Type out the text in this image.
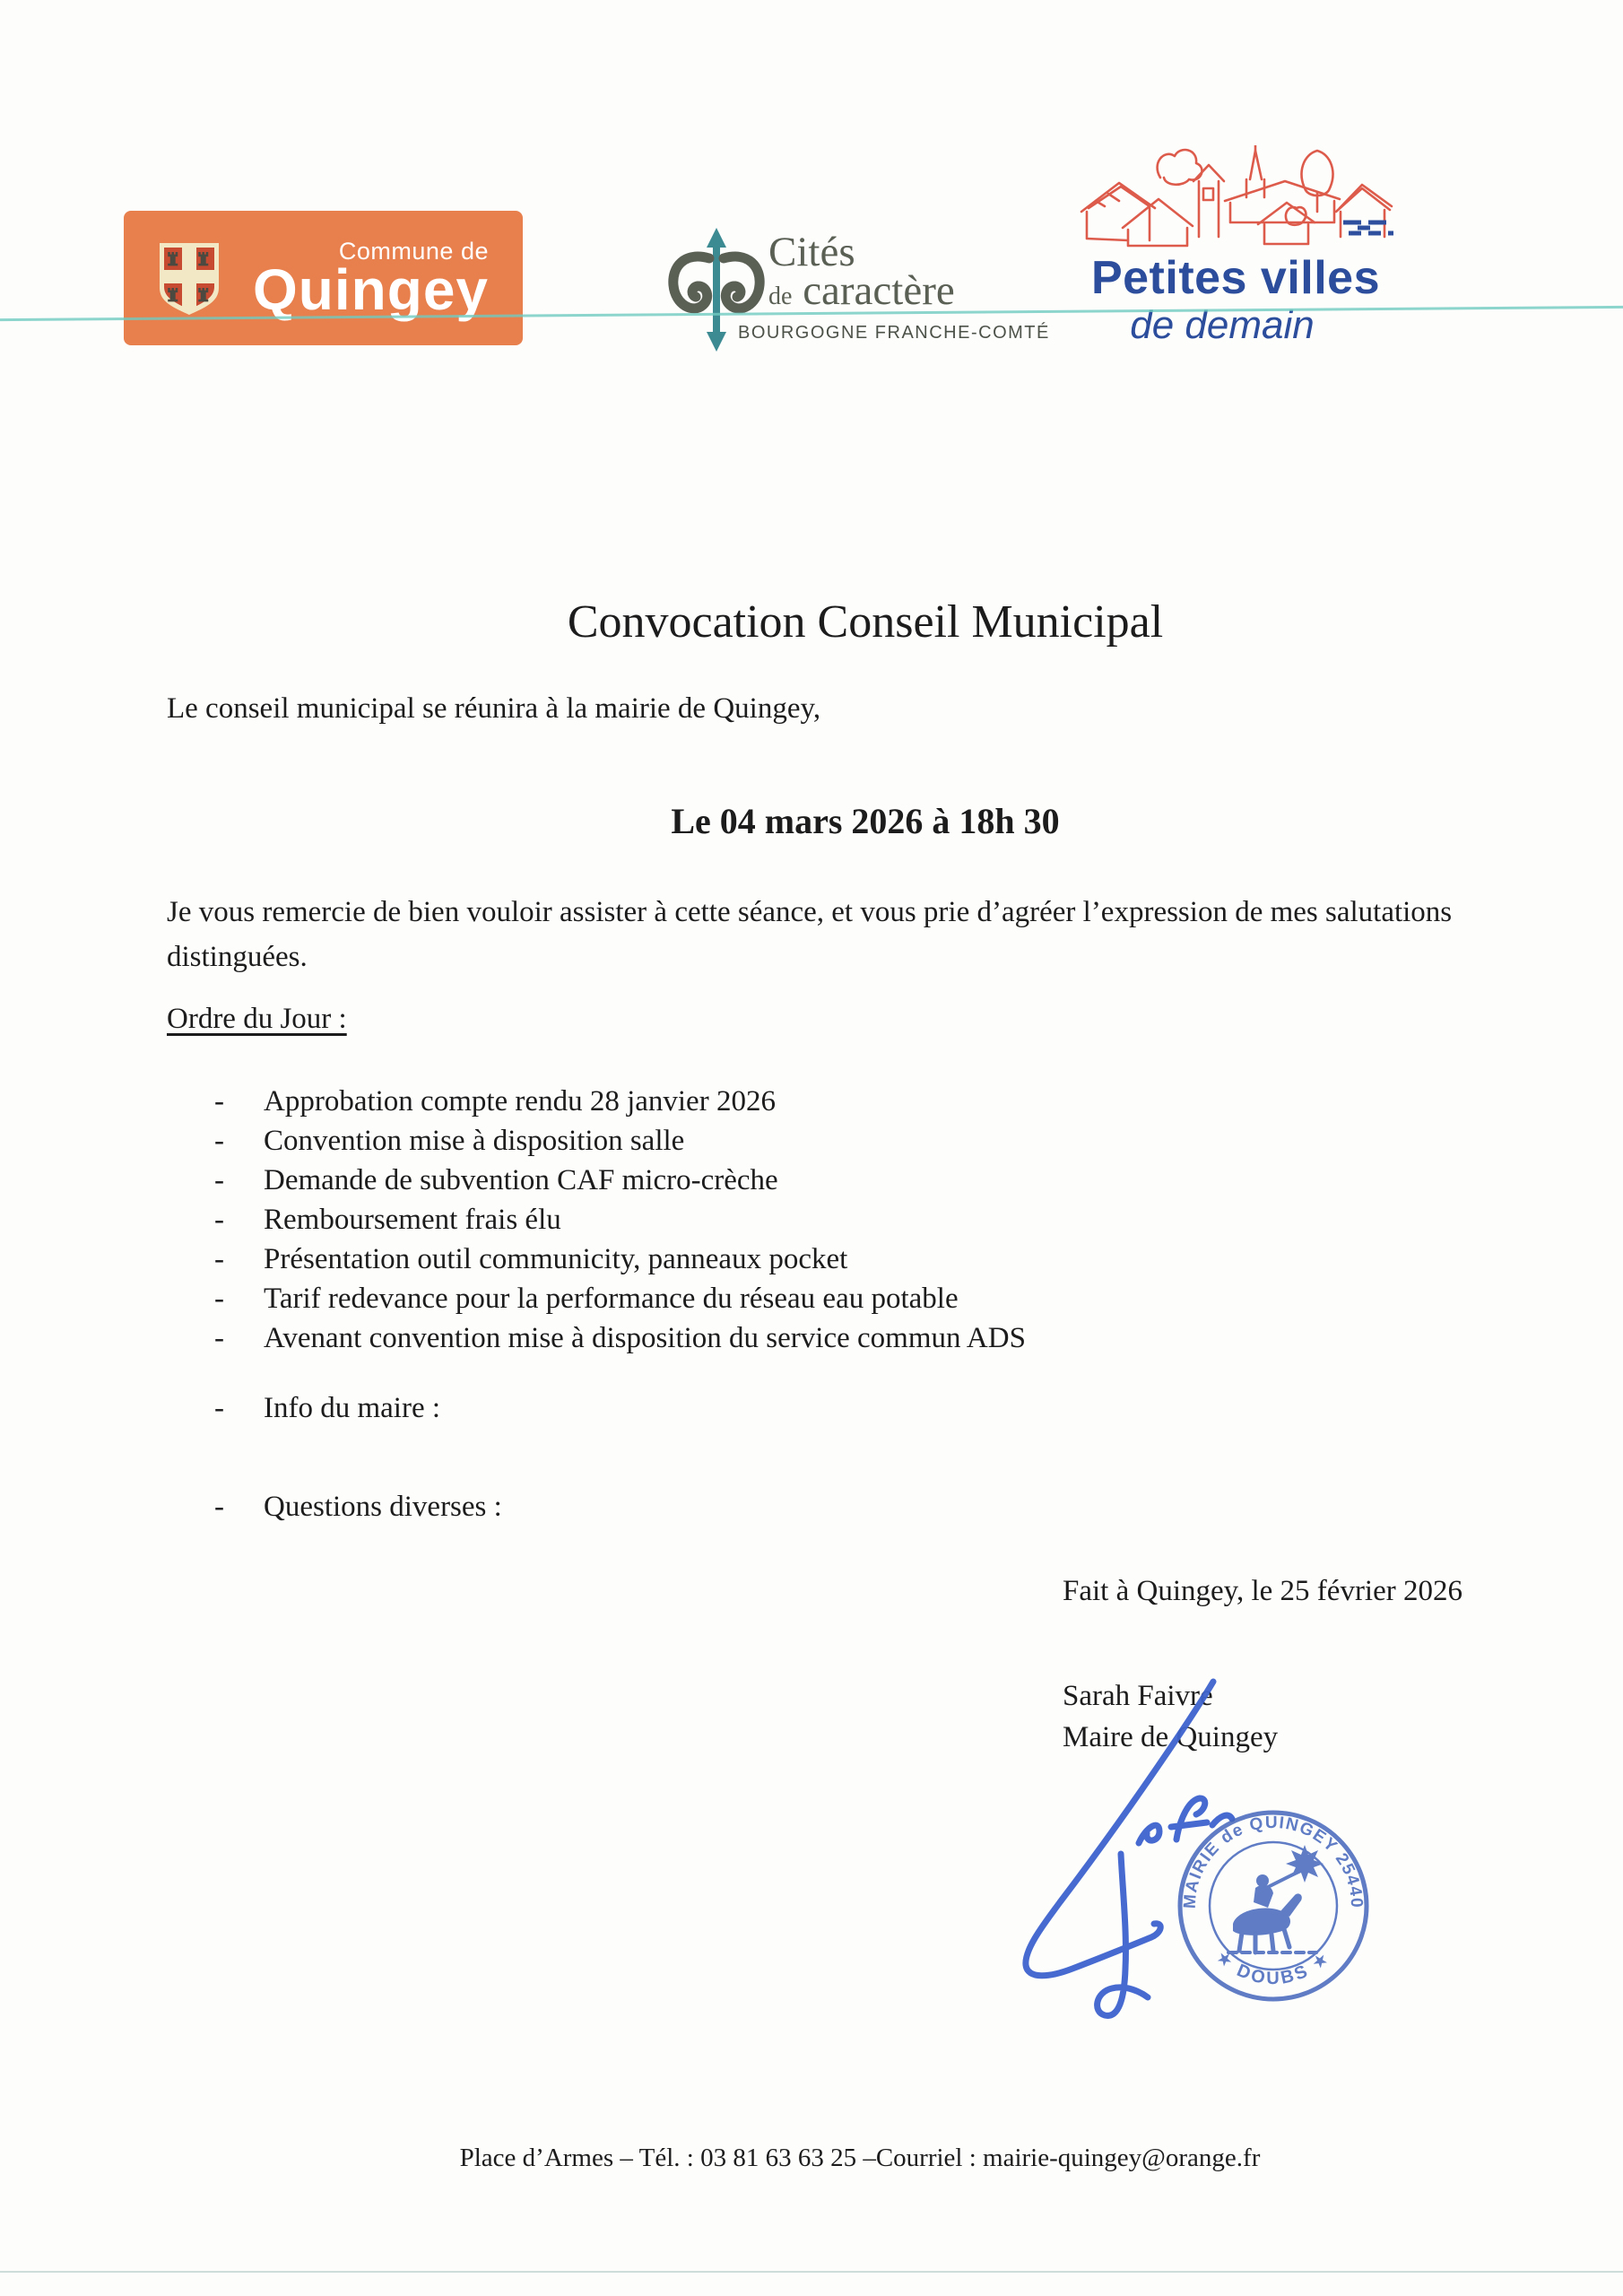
Commune de
Quingey
Cités
de caractère
BOURGOGNE FRANCHE-COMTÉ
Petites villes
de demain
Convocation Conseil Municipal
Le conseil municipal se réunira à la mairie de Quingey,
Le 04 mars 2026 à 18h 30
Je vous remercie de bien vouloir assister à cette séance, et vous prie d’agréer l’expression de mes salutations distinguées.
Ordre du Jour :
- Approbation compte rendu 28 janvier 2026
- Convention mise à disposition salle
- Demande de subvention CAF micro-crèche
- Remboursement frais élu
- Présentation outil communicity, panneaux pocket
- Tarif redevance pour la performance du réseau eau potable
- Avenant convention mise à disposition du service commun ADS
- Info du maire :
- Questions diverses :
Fait à Quingey, le 25 février 2026
Sarah Faivre
Maire de Quingey
MAIRIE de QUINGEY 25440
★ DOUBS ★
Place d’Armes – Tél. : 03 81 63 63 25 –Courriel : mairie-quingey@orange.fr
